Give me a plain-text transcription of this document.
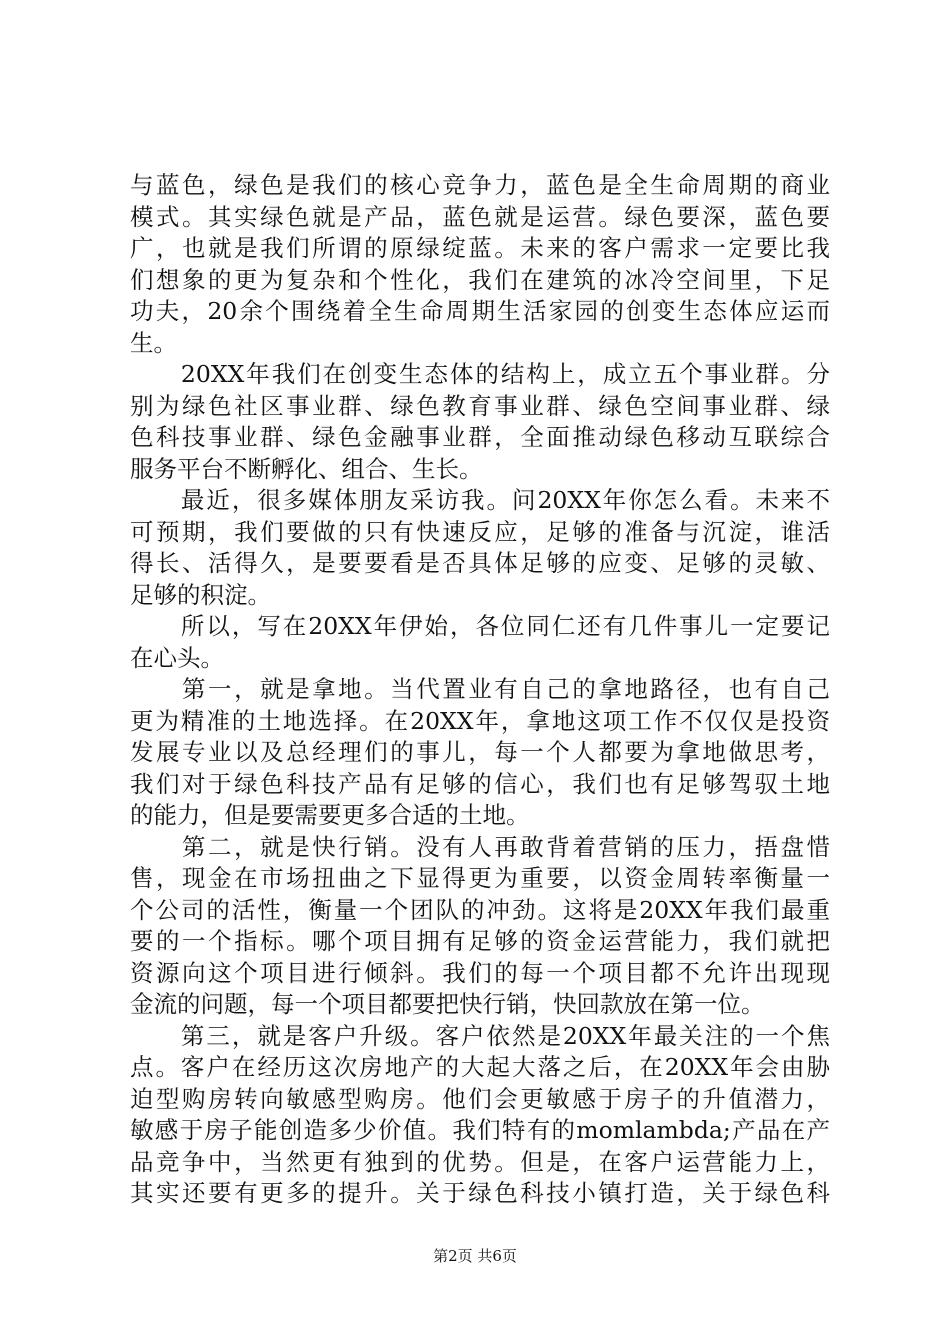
与蓝色，绿色是我们的核心竞争力，蓝色是全生命周期的商业
模式。其实绿色就是产品，蓝色就是运营。绿色要深，蓝色要
广，也就是我们所谓的原绿绽蓝。未来的客户需求一定要比我
们想象的更为复杂和个性化，我们在建筑的冰冷空间里，下足
功夫，20余个围绕着全生命周期生活家园的创变生态体应运而
生。
　　20XX年我们在创变生态体的结构上，成立五个事业群。分
别为绿色社区事业群、绿色教育事业群、绿色空间事业群、绿
色科技事业群、绿色金融事业群，全面推动绿色移动互联综合
服务平台不断孵化、组合、生长。
　　最近，很多媒体朋友采访我。问20XX年你怎么看。未来不
可预期，我们要做的只有快速反应，足够的准备与沉淀，谁活
得长、活得久，是要要看是否具体足够的应变、足够的灵敏、
足够的积淀。
　　所以，写在20XX年伊始，各位同仁还有几件事儿一定要记
在心头。
　　第一，就是拿地。当代置业有自己的拿地路径，也有自己
更为精准的土地选择。在20XX年，拿地这项工作不仅仅是投资
发展专业以及总经理们的事儿，每一个人都要为拿地做思考，
我们对于绿色科技产品有足够的信心，我们也有足够驾驭土地
的能力，但是要需要更多合适的土地。
　　第二，就是快行销。没有人再敢背着营销的压力，捂盘惜
售，现金在市场扭曲之下显得更为重要，以资金周转率衡量一
个公司的活性，衡量一个团队的冲劲。这将是20XX年我们最重
要的一个指标。哪个项目拥有足够的资金运营能力，我们就把
资源向这个项目进行倾斜。我们的每一个项目都不允许出现现
金流的问题，每一个项目都要把快行销，快回款放在第一位。
　　第三，就是客户升级。客户依然是20XX年最关注的一个焦
点。客户在经历这次房地产的大起大落之后，在20XX年会由胁
迫型购房转向敏感型购房。他们会更敏感于房子的升值潜力，
敏感于房子能创造多少价值。我们特有的momlambda;产品在产
品竞争中，当然更有独到的优势。但是，在客户运营能力上，
其实还要有更多的提升。关于绿色科技小镇打造，关于绿色科
第2页 共6页
